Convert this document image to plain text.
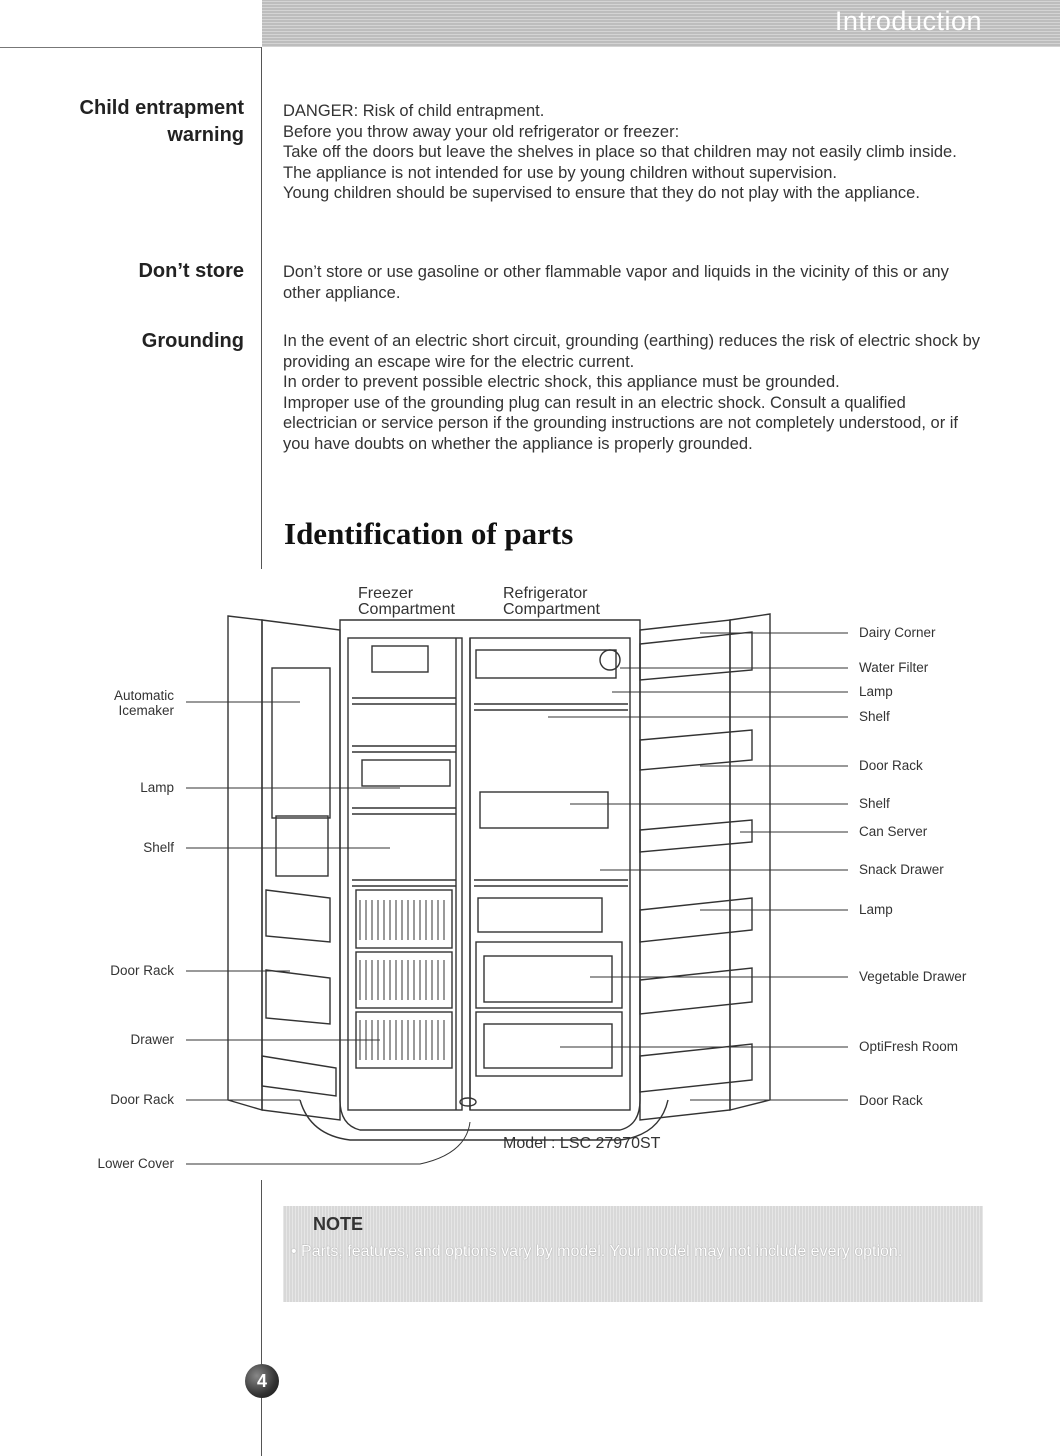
Introduction
Child entrapment
warning

DANGER: Risk of child entrapment.

Before you throw away your old refrigerator or freezer:

Take off the doors but leave the shelves in place so that children may not easily climb inside.

The appliance is not intended for use by young children without supervision.

Young children should be supervised to ensure that they do not play with the appliance.

Don’t store Don’t store or use gasoline or other flammable vapor and liquids in the vicinity of this or any other appliance.

Grounding In the event of an electric short circuit, grounding (earthing) reduces the risk of electric shock by providing an escape wire for the electric current.

In order to prevent possible electric shock, this appliance must be grounded.

Improper use of the grounding plug can result in an electric shock. Consult a qualified electrician or service person if the grounding instructions are not completely understood, or if you have doubts on whether the appliance is properly grounded.

Identification of parts
Freezer
Compartment
Refrigerator
Compartment
Automatic
Icemaker
Lamp
Shelf
Door Rack
Drawer
Door Rack
Lower Cover
Dairy Corner
Water Filter
Lamp
Shelf
Door Rack
Shelf
Can Server
Snack Drawer
Lamp
Vegetable Drawer
OptiFresh Room
Door Rack
Model : LSC 27970ST
NOTE
• Parts, features, and options vary by model. Your model may not include every option.
4
